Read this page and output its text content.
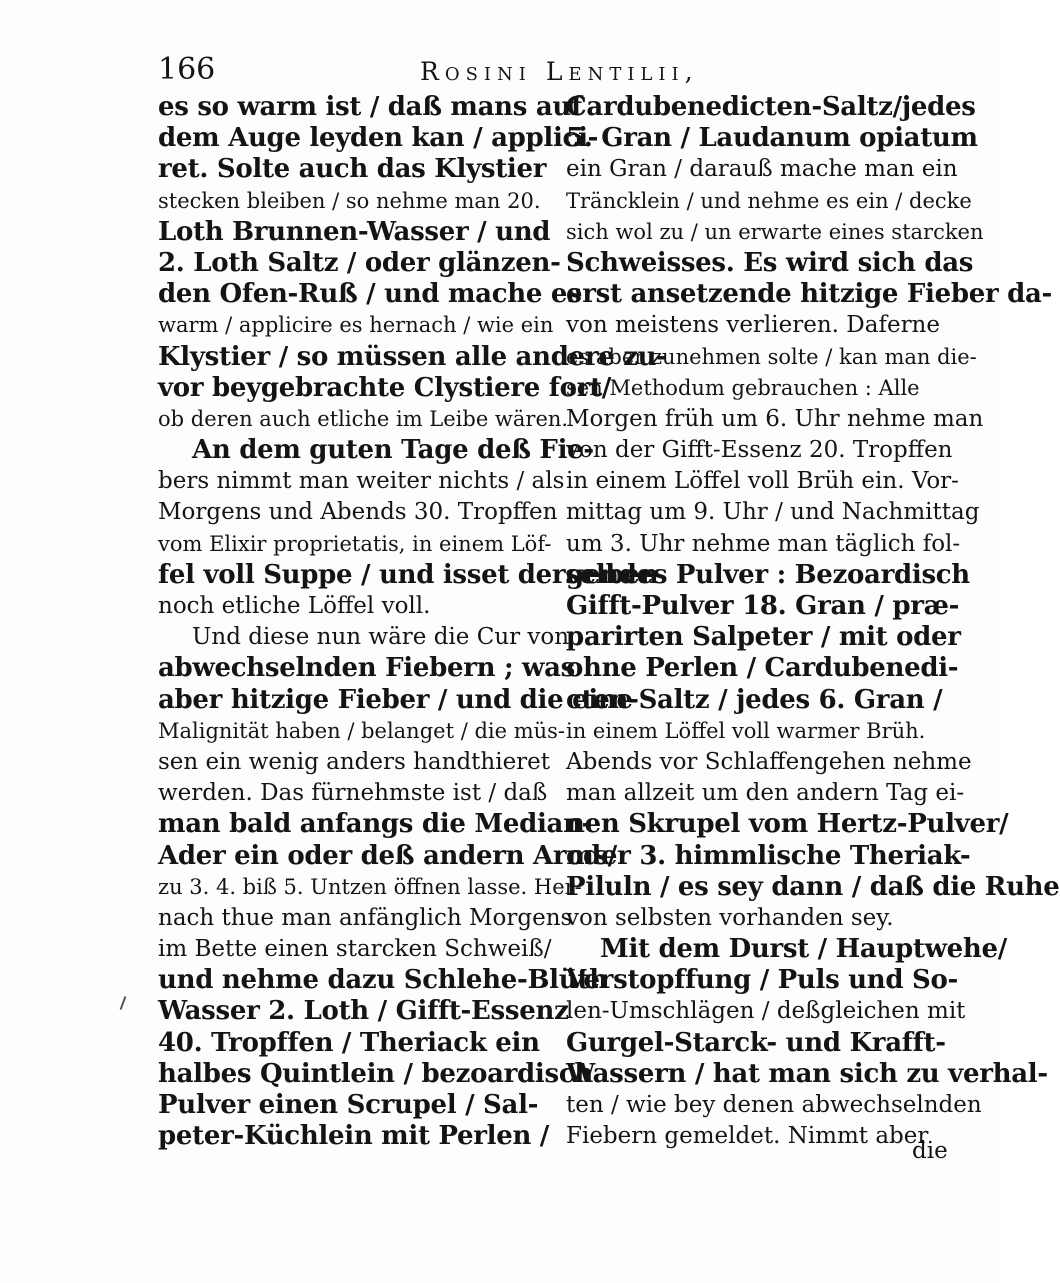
166	Rosini Lentilii,
es so warm ist / daß mans auf
dem Auge leyden kan / applici-
ret. Solte auch das Klystier
stecken bleiben / so nehme man 20.
Loth Brunnen-Wasser / und
2. Loth Saltz / oder glänzen-
den Ofen-Ruß / und mache es
warm / applicire es hernach / wie ein
Klystier / so müssen alle andere zu-
vor beygebrachte Clystiere fort/
ob deren auch etliche im Leibe wären.
An dem guten Tage deß Fie-
bers nimmt man weiter nichts / als
Morgens und Abends 30. Tropffen
vom Elixir proprietatis, in einem Löf-
fel voll Suppe / und isset derselben
noch etliche Löffel voll.
Und diese nun wäre die Cur von
abwechselnden Fiebern ; was
aber hitzige Fieber / und die eine
Malignität haben / belanget / die müs-
sen ein wenig anders handthieret
werden. Das fürnehmste ist / daß
man bald anfangs die Median-
Ader ein oder deß andern Arms/
zu 3. 4. biß 5. Untzen öffnen lasse. Her-
nach thue man anfänglich Morgens
im Bette einen starcken Schweiß/
und nehme dazu Schlehe-Blüth
Wasser 2. Loth / Gifft-Essenz
40. Tropffen / Theriack ein
halbes Quintlein / bezoardisch
Pulver einen Scrupel / Sal-
peter-Küchlein mit Perlen /
Cardubenedicten-Saltz/jedes
5. Gran / Laudanum opiatum
ein Gran / darauß mache man ein
Träncklein / und nehme es ein / decke
sich wol zu / un erwarte eines starcken
Schweisses. Es wird sich das
erst ansetzende hitzige Fieber da-
von meistens verlieren. Daferne
es aber zunehmen solte / kan man die-
sen Methodum gebrauchen : Alle
Morgen früh um 6. Uhr nehme man
von der Gifft-Essenz 20. Tropffen
in einem Löffel voll Brüh ein. Vor-
mittag um 9. Uhr / und Nachmittag
um 3. Uhr nehme man täglich fol-
gendes Pulver : Bezoardisch
Gifft-Pulver 18. Gran / præ-
parirten Salpeter / mit oder
ohne Perlen / Cardubenedi-
cten-Saltz / jedes 6. Gran /
in einem Löffel voll warmer Brüh.
Abends vor Schlaffengehen nehme
man allzeit um den andern Tag ei-
nen Skrupel vom Hertz-Pulver/
oder 3. himmlische Theriak-
Piluln / es sey dann / daß die Ruhe
von selbsten vorhanden sey.
Mit dem Durst / Hauptwehe/
Verstopffung / Puls und So-
len-Umschlägen / deßgleichen mit
Gurgel-Starck- und Krafft-
Wassern / hat man sich zu verhal-
ten / wie bey denen abwechselnden
Fiebern gemeldet. Nimmt aber
die
